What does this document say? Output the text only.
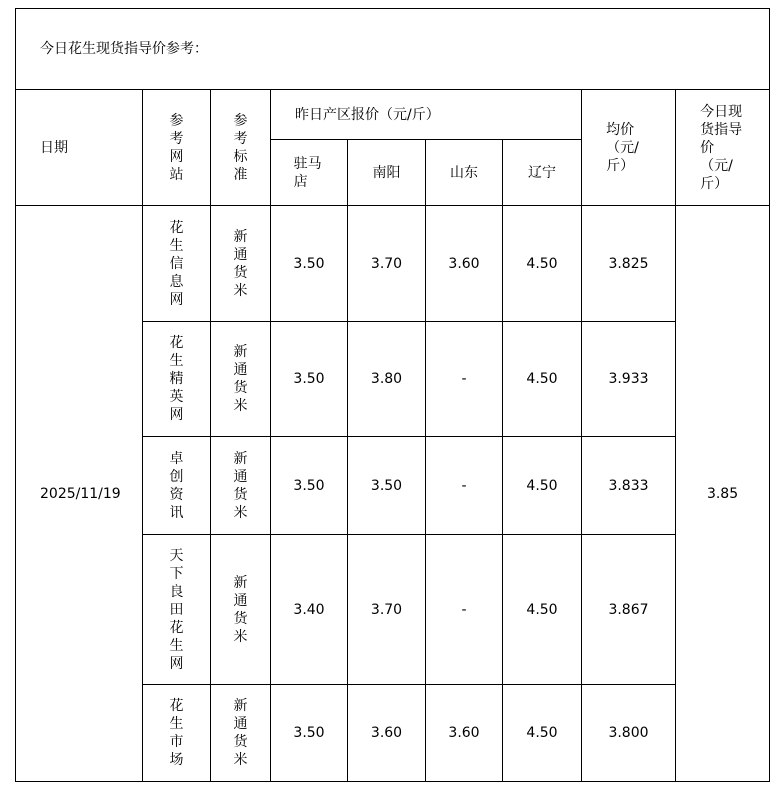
今日花生现货指导价参考：								
日期	参考网站	参考标准	昨日产区报价（元/斤）				均价（元/斤）	今日现货指导价（元/斤）
			驻马店	南阳	山东	辽宁		
2025/11/19	花生信息网	新通货米	3.50	3.70	3.60	4.50	3.825	3.85
	花生精英网	新通货米	3.50	3.80	-	4.50	3.933	
	卓创资讯	新通货米	3.50	3.50	-	4.50	3.833	
	天下良田花生网	新通货米	3.40	3.70	-	4.50	3.867	
	花生市场	新通货米	3.50	3.60	3.60	4.50	3.800	
